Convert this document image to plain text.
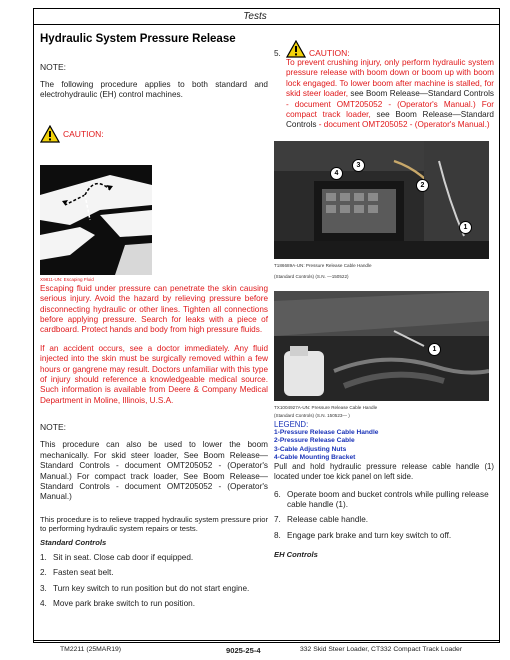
Tests
Hydraulic System Pressure Release
NOTE:

The following procedure applies to both standard and electrohydraulic (EH) control machines.

CAUTION:
X9811-UN: Escaping Fluid

Escaping fluid under pressure can penetrate the skin causing serious injury. Avoid the hazard by relieving pressure before disconnecting hydraulic or other lines. Tighten all connections before applying pressure. Search for leaks with a piece of cardboard. Protect hands and body from high pressure fluids.

If an accident occurs, see a doctor immediately. Any fluid injected into the skin must be surgically removed within a few hours or gangrene may result. Doctors unfamiliar with this type of injury should reference a knowledgeable medical source. Such information is available from Deere & Company Medical Department in Moline, Illinois, U.S.A.

NOTE:

This procedure can also be used to lower the boom mechanically. For skid steer loader, See Boom Release—Standard Controls - document OMT205052 - (Operator's Manual.) For compact track loader, See Boom Release—Standard Controls - document OMT205052 - (Operator's Manual.)

This procedure is to relieve trapped hydraulic system pressure prior to performing hydraulic system repairs or tests.

Standard Controls
1. Sit in seat. Close cab door if equipped.
2. Fasten seat belt.
3. Turn key switch to run position but do not start engine.
4. Move park brake switch to run position.
5.	CAUTION:

To prevent crushing injury, only perform hydraulic system pressure release with boom down or boom up with boom lock engaged. To lower boom after machine is stalled, for skid steer loader, see Boom Release—Standard Controls - document OMT205052 - (Operator's Manual.) For compact track loader, see Boom Release—Standard Controls - document OMT205052 - (Operator's Manual.)

4
3
2
1
T186689A-UN: Pressure Release Cable Handle
(Standard Controls) (S.N. —150522)
1
TX1004927A-UN: Pressure Release Cable Handle
(Standard Controls) (S.N. 150523— )
LEGEND:
1-Pressure Release Cable Handle
2-Pressure Release Cable
3-Cable Adjusting Nuts
4-Cable Mounting Bracket

Pull and hold hydraulic pressure release cable handle (1) located under toe kick panel on left side.

6. Operate boom and bucket controls while pulling release cable handle (1).
7. Release cable handle.
8. Engage park brake and turn key switch to off.
EH Controls
TM2211 (25MAR19)	9025-25-4	332 Skid Steer Loader, CT332 Compact Track Loader
